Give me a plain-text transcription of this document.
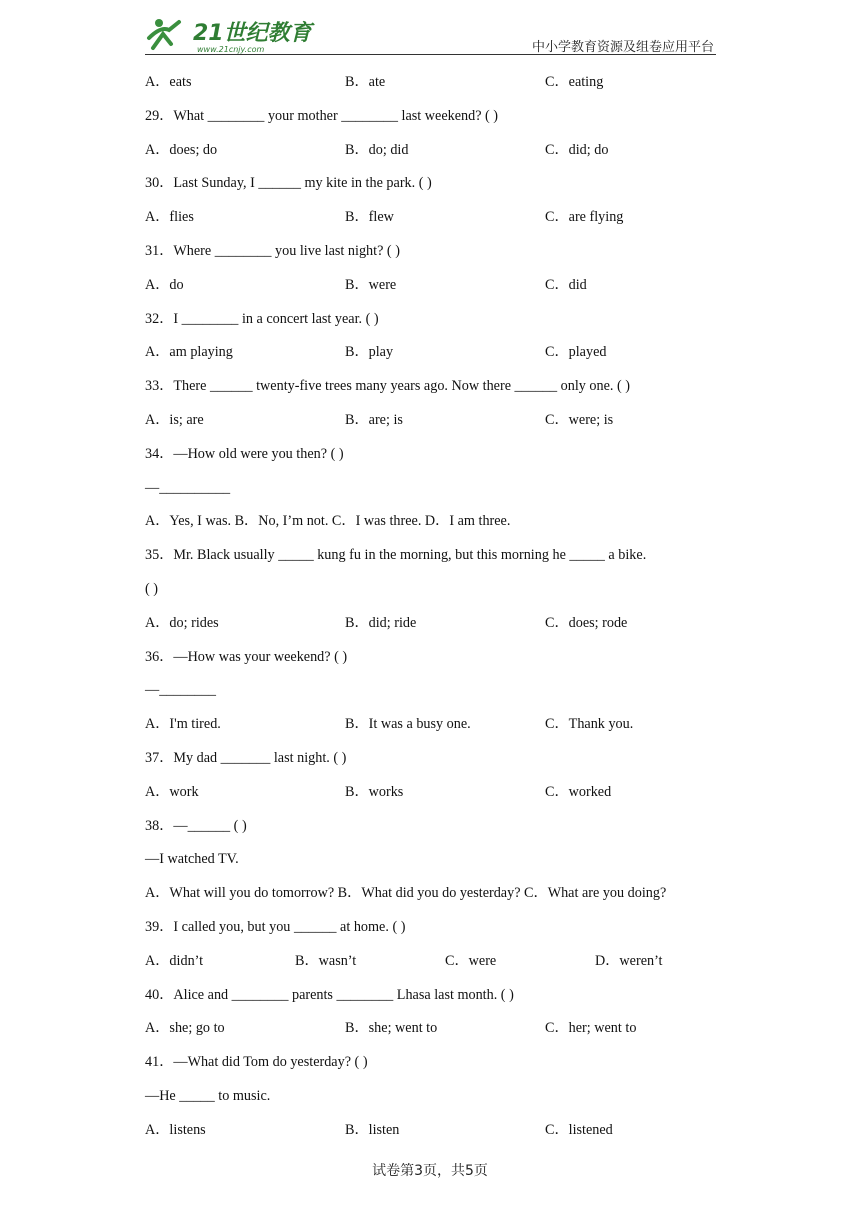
21世纪教育
www.21cnjy.com	中小学教育资源及组卷应用平台
A．eats	B．ate	C．eating
29．What ________ your mother ________ last weekend? ( )
A．does; do	B．do; did	C．did; do
30．Last Sunday, I ______ my kite in the park. ( )
A．flies	B．flew	C．are flying
31．Where ________ you live last night? ( )
A．do	B．were	C．did
32．I ________ in a concert last year. ( )
A．am playing	B．play	C．played
33．There ______ twenty-five trees many years ago. Now there ______ only one. ( )
A．is; are	B．are; is	C．were; is
34．—How old were you then? ( )
—__________
A．Yes, I was. B．No, I’m not. C．I was three. D．I am three.
35．Mr. Black usually _____ kung fu in the morning, but this morning he _____ a bike.
( )
A．do; rides	B．did; ride	C．does; rode
36．—How was your weekend? ( )
—________
A．I'm tired.	B．It was a busy one.	C．Thank you.
37．My dad _______ last night. ( )
A．work	B．works	C．worked
38．—______ ( )
—I watched TV.
A．What will you do tomorrow? B．What did you do yesterday? C．What are you doing?
39．I called you, but you ______ at home. ( )
A．didn’t	B．wasn’t	C．were	D．weren’t
40．Alice and ________ parents ________ Lhasa last month. ( )
A．she; go to	B．she; went to	C．her; went to
41．—What did Tom do yesterday? ( )
—He _____ to music.
A．listens	B．listen	C．listened
试卷第3页，共5页
